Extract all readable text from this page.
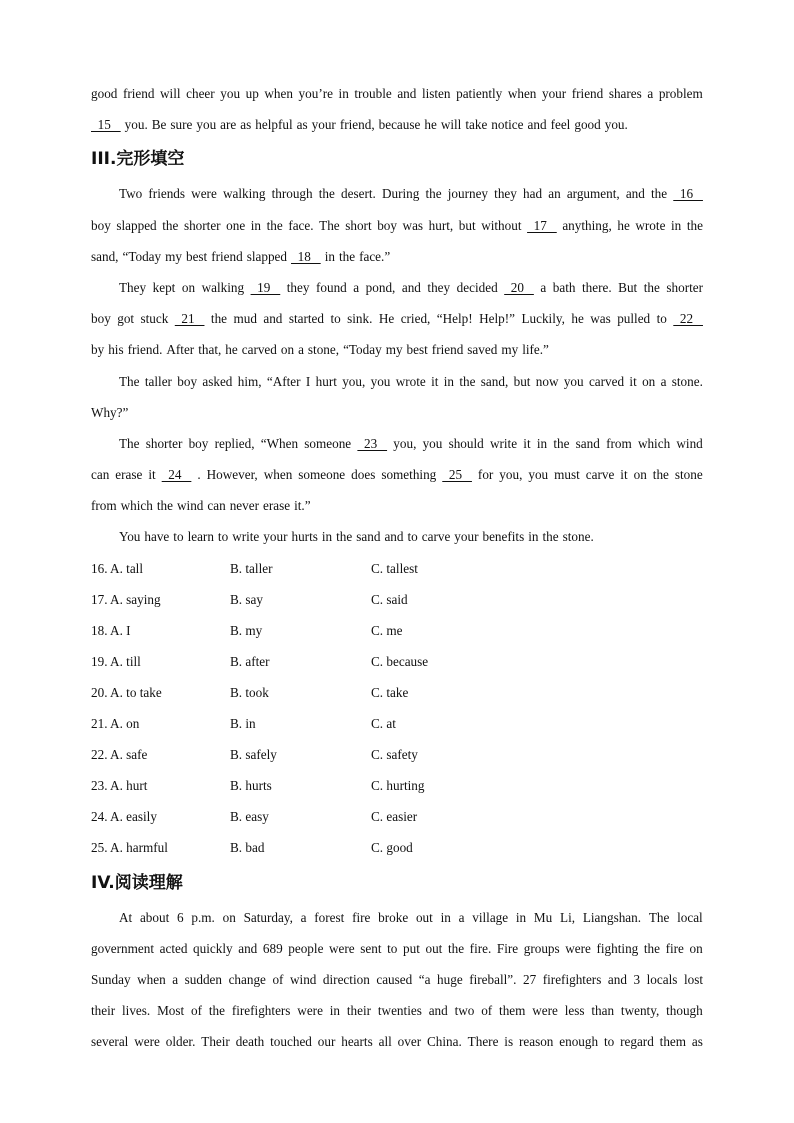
good friend will cheer you up when you’re in trouble and listen patiently when your friend shares a problem
15 you. Be sure you are as helpful as your friend, because he will take notice and feel good you.
III.完形填空
Two friends were walking through the desert. During the journey they had an argument, and the 16
boy slapped the shorter one in the face. The short boy was hurt, but without 17 anything, he wrote in the
sand, “Today my best friend slapped 18 in the face.”
They kept on walking 19 they found a pond, and they decided 20 a bath there. But the shorter
boy got stuck 21 the mud and started to sink. He cried, “Help! Help!” Luckily, he was pulled to 22
by his friend. After that, he carved on a stone, “Today my best friend saved my life.”
The taller boy asked him, “After I hurt you, you wrote it in the sand, but now you carved it on a stone.
Why?”
The shorter boy replied, “When someone 23 you, you should write it in the sand from which wind
can erase it 24 . However, when someone does something 25 for you, you must carve it on the stone
from which the wind can never erase it.”
You have to learn to write your hurts in the sand and to carve your benefits in the stone.
16. A. tall	B. taller	C. tallest
17. A. saying	B. say	C. said
18. A. I	B. my	C. me
19. A. till	B. after	C. because
20. A. to take	B. took	C. take
21. A. on	B. in	C. at
22. A. safe	B. safely	C. safety
23. A. hurt	B. hurts	C. hurting
24. A. easily	B. easy	C. easier
25. A. harmful	B. bad	C. good
IV.阅读理解
At about 6 p.m. on Saturday, a forest fire broke out in a village in Mu Li, Liangshan. The local
government acted quickly and 689 people were sent to put out the fire. Fire groups were fighting the fire on
Sunday when a sudden change of wind direction caused “a huge fireball”. 27 firefighters and 3 locals lost
their lives. Most of the firefighters were in their twenties and two of them were less than twenty, though
several were older. Their death touched our hearts all over China. There is reason enough to regard them as
